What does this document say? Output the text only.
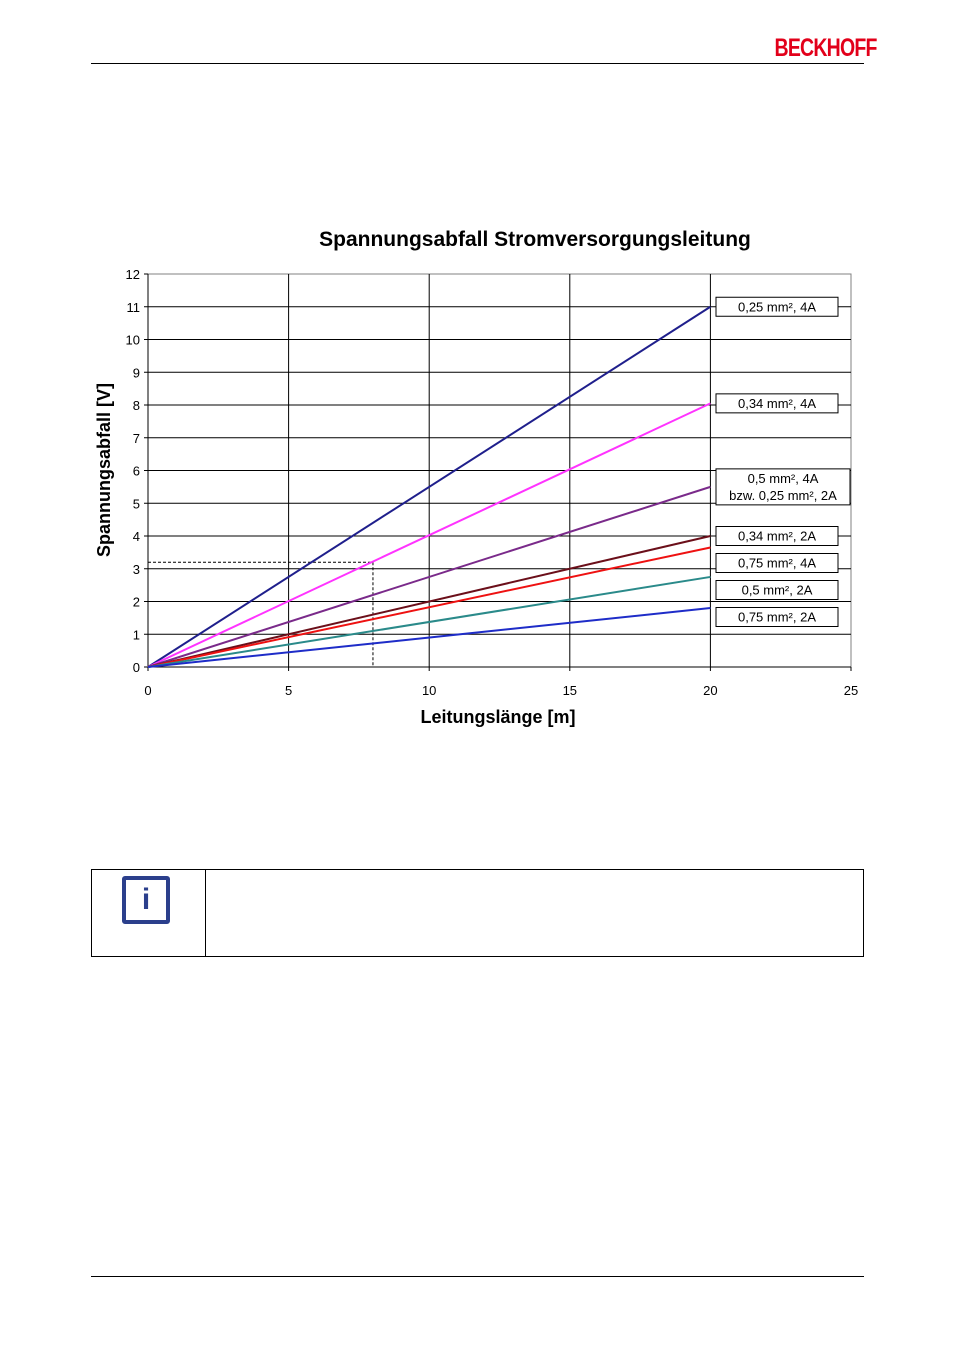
BECKHOFF
0
1
2
3
4
5
6
7
8
9
10
11
12
0	5	10	15	20	25
0,25 mm², 4A
0,34 mm², 4A
0,5 mm², 4A
bzw. 0,25 mm², 2A
0,34 mm², 2A
0,75 mm², 4A
0,5 mm², 2A
0,75 mm², 2A
Spannungsabfall Stromversorgungsleitung
Leitungslänge [m]
Spannungsabfall [V]
i
